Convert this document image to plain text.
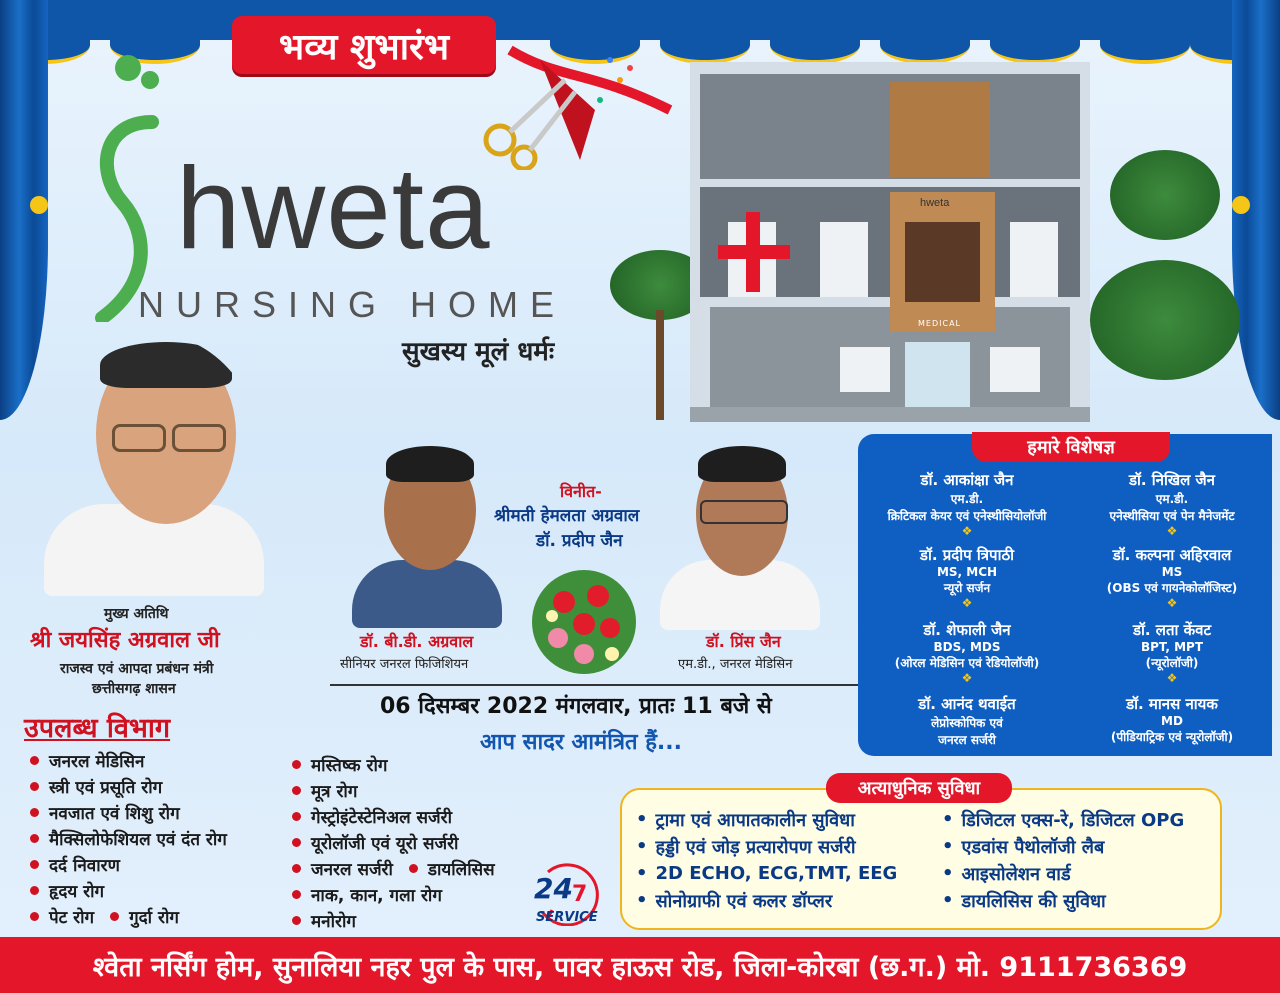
भव्य शुभारंभ
hweta
NURSING HOME
सुखस्य मूलं धर्मः
hweta
MEDICAL
मुख्य अतिथि
श्री जयसिंह अग्रवाल जी
राजस्व एवं आपदा प्रबंधन मंत्री
छत्तीसगढ़ शासन
उपलब्ध विभाग
जनरल मेडिसिन
स्त्री एवं प्रसूति रोग
नवजात एवं शिशु रोग
मैक्सिलोफेशियल एवं दंत रोग
दर्द निवारण
हृदय रोग
पेट रोग गुर्दा रोग
मस्तिष्क रोग
मूत्र रोग
गेस्ट्रोइंटेस्टेनिअल सर्जरी
यूरोलॉजी एवं यूरो सर्जरी
जनरल सर्जरी डायलिसिस
नाक, कान, गला रोग
मनोरोग
विनीत-
श्रीमती हेमलता अग्रवाल
डॉ. प्रदीप जैन
डॉ. बी.डी. अग्रवाल
सीनियर जनरल फिजिशियन
डॉ. प्रिंस जैन
एम.डी., जनरल मेडिसिन
06 दिसम्बर 2022 मंगलवार, प्रातः 11 बजे से
आप सादर आमंत्रित हैं...
हमारे विशेषज्ञ
डॉ. आकांक्षा जैन
एम.डी.
क्रिटिकल केयर एवं एनेस्थीसियोलॉजी
❖
डॉ. प्रदीप त्रिपाठी
MS, MCH
न्यूरो सर्जन
❖
डॉ. शेफाली जैन
BDS, MDS
(ओरल मेडिसिन एवं रेडियोलॉजी)
❖
डॉ. आनंद थवाईत
लेप्रोस्कोपिक एवं
जनरल सर्जरी
डॉ. निखिल जैन
एम.डी.
एनेस्थीसिया एवं पेन मैनेजमेंट
❖
डॉ. कल्पना अहिरवाल
MS
(OBS एवं गायनेकोलॉजिस्ट)
❖
डॉ. लता केंवट
BPT, MPT
(न्यूरोलॉजी)
❖
डॉ. मानस नायक
MD
(पीडियाट्रिक एवं न्यूरोलॉजी)
अत्याधुनिक सुविधा
• ट्रामा एवं आपातकालीन सुविधा
• हड्डी एवं जोड़ प्रत्यारोपण सर्जरी
• 2D ECHO, ECG,TMT, EEG
• सोनोग्राफी एवं कलर डॉप्लर
• डिजिटल एक्स-रे, डिजिटल OPG
• एडवांस पैथोलॉजी लैब
• आइसोलेशन वार्ड
• डायलिसिस की सुविधा
24 7
SERVICE
श्वेता नर्सिंग होम, सुनालिया नहर पुल के पास, पावर हाऊस रोड, जिला-कोरबा (छ.ग.) मो. 9111736369
